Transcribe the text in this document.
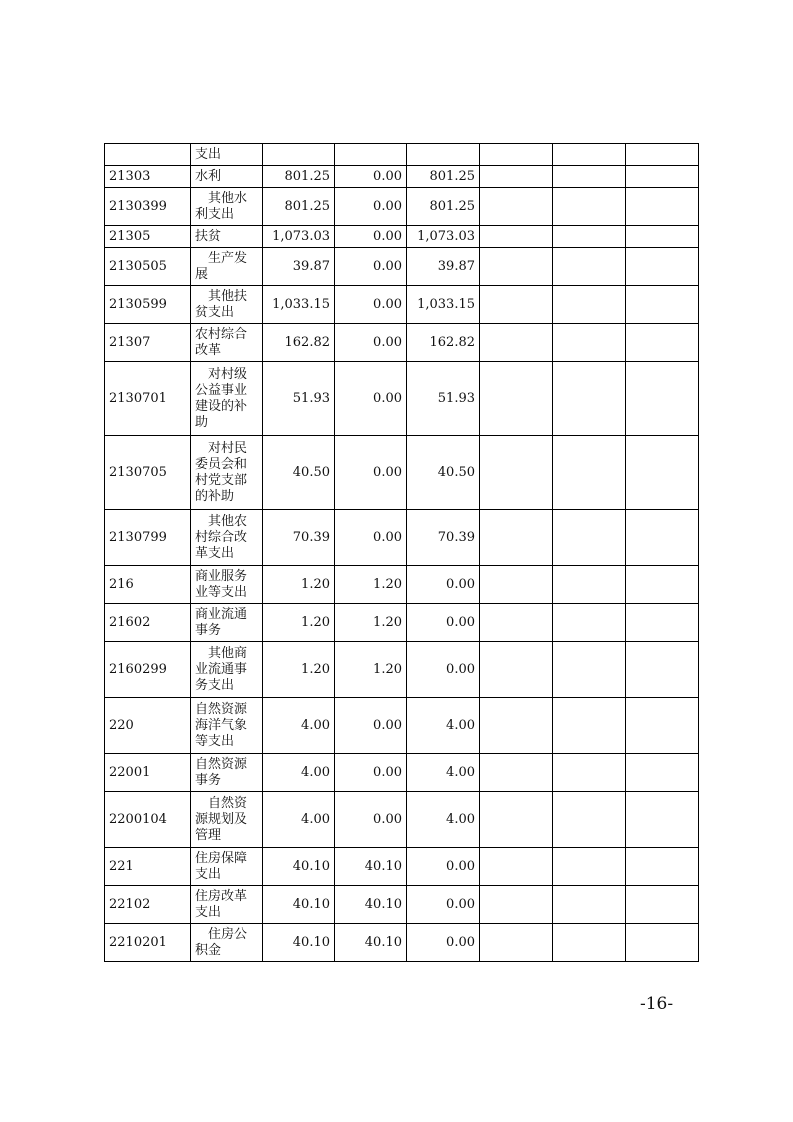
	支出						
21303	水利	801.25	0.00	801.25			
2130399	其他水利支出	801.25	0.00	801.25			
21305	扶贫	1,073.03	0.00	1,073.03			
2130505	生产发展	39.87	0.00	39.87			
2130599	其他扶贫支出	1,033.15	0.00	1,033.15			
21307	农村综合改革	162.82	0.00	162.82			
2130701	对村级公益事业建设的补助	51.93	0.00	51.93			
2130705	对村民委员会和村党支部的补助	40.50	0.00	40.50			
2130799	其他农村综合改革支出	70.39	0.00	70.39			
216	商业服务业等支出	1.20	1.20	0.00			
21602	商业流通事务	1.20	1.20	0.00			
2160299	其他商业流通事务支出	1.20	1.20	0.00			
220	自然资源海洋气象等支出	4.00	0.00	4.00			
22001	自然资源事务	4.00	0.00	4.00			
2200104	自然资源规划及管理	4.00	0.00	4.00			
221	住房保障支出	40.10	40.10	0.00			
22102	住房改革支出	40.10	40.10	0.00			
2210201	住房公积金	40.10	40.10	0.00			
-16-
